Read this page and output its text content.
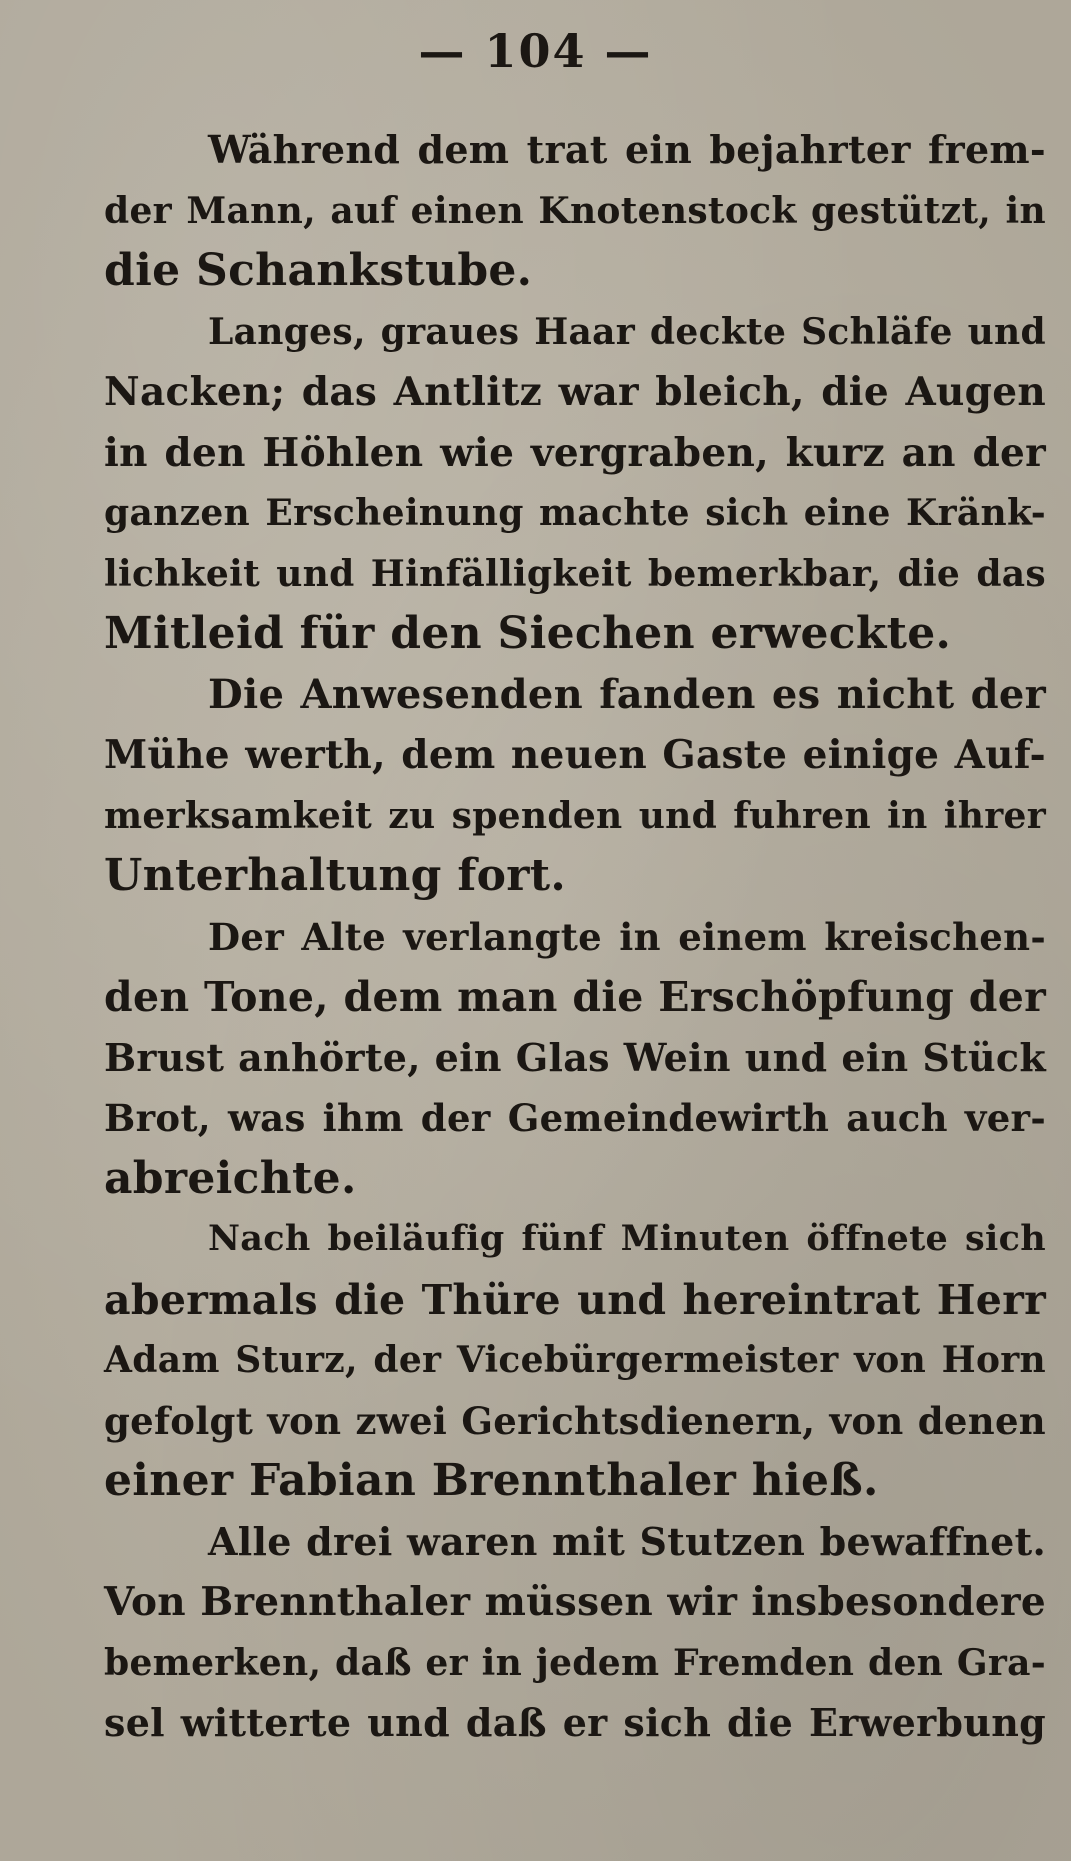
— 104 —
Während dem trat ein bejahrter frem-
der Mann, auf einen Knotenstock gestützt, in
die Schankstube.
Langes, graues Haar deckte Schläfe und
Nacken; das Antlitz war bleich, die Augen
in den Höhlen wie vergraben, kurz an der
ganzen Erscheinung machte sich eine Kränk-
lichkeit und Hinfälligkeit bemerkbar, die das
Mitleid für den Siechen erweckte.
Die Anwesenden fanden es nicht der
Mühe werth, dem neuen Gaste einige Auf-
merksamkeit zu spenden und fuhren in ihrer
Unterhaltung fort.
Der Alte verlangte in einem kreischen-
den Tone, dem man die Erschöpfung der
Brust anhörte, ein Glas Wein und ein Stück
Brot, was ihm der Gemeindewirth auch ver-
abreichte.
Nach beiläufig fünf Minuten öffnete sich
abermals die Thüre und hereintrat Herr
Adam Sturz, der Vicebürgermeister von Horn
gefolgt von zwei Gerichtsdienern, von denen
einer Fabian Brennthaler hieß.
Alle drei waren mit Stutzen bewaffnet.
Von Brennthaler müssen wir insbesondere
bemerken, daß er in jedem Fremden den Gra-
sel witterte und daß er sich die Erwerbung
